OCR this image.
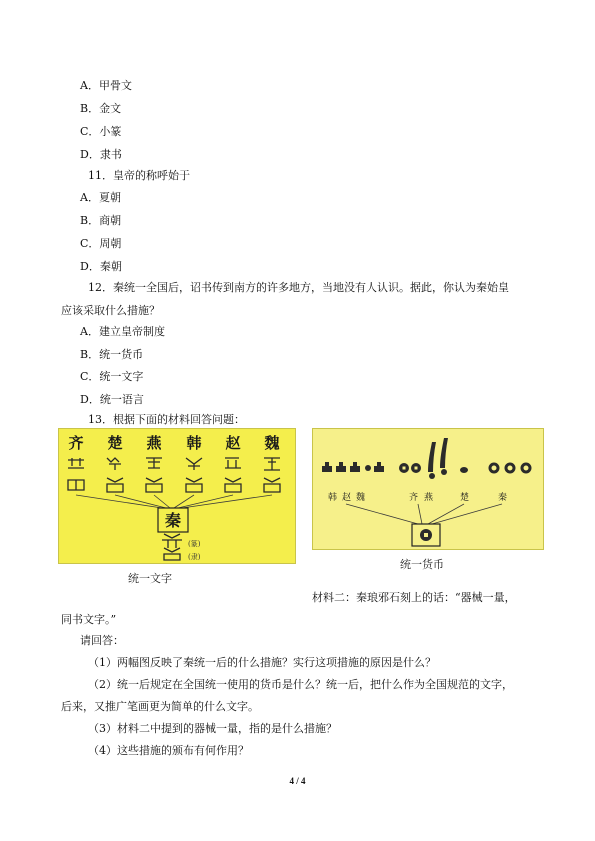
A．甲骨文
B．金文
C．小篆
D．隶书
11．皇帝的称呼始于
A．夏朝
B．商朝
C．周朝
D．秦朝
12．秦统一全国后，诏书传到南方的许多地方，当地没有人认识。据此，你认为秦始皇
应该采取什么措施？
A．建立皇帝制度
B．统一货币
C．统一文字
D．统一语言
13．根据下面的材料回答问题：
齐 楚 燕 韩 赵 魏
秦
(篆)
(隶)
统一文字
韩 赵 魏	齐 燕	楚	秦
统一货币
材料二：秦琅邪石刻上的话：“器械一量，
同书文字。”
请回答：
（1）两幅图反映了秦统一后的什么措施？实行这项措施的原因是什么？
（2）统一后规定在全国统一使用的货币是什么？统一后，把什么作为全国规范的文字，
后来，又推广笔画更为简单的什么文字。
（3）材料二中提到的器械一量，指的是什么措施？
（4）这些措施的颁布有何作用？
4 / 4
